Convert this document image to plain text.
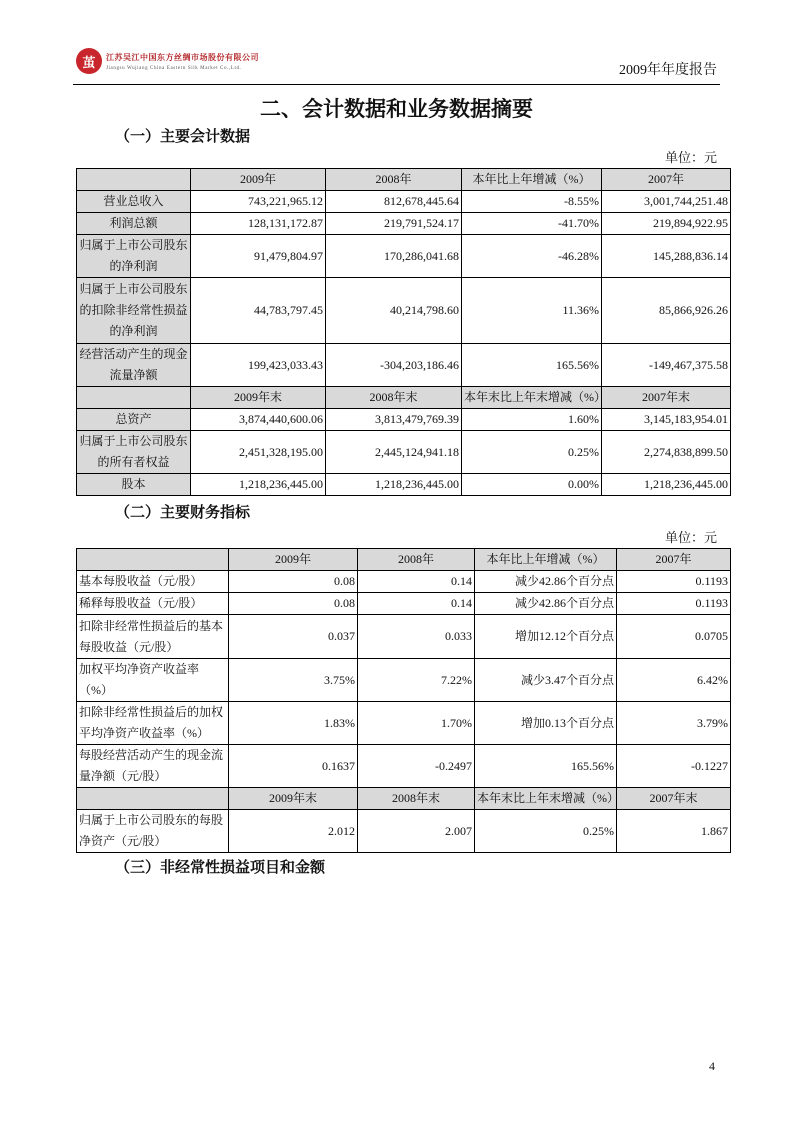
茧 江苏吴江中国东方丝绸市场股份有限公司
Jiangsu Wujiang China Eastern Silk Market Co.,Ltd.	2009年年度报告
二、会计数据和业务数据摘要
（一）主要会计数据
单位：元
	2009年	2008年	本年比上年增减（%）	2007年
营业总收入	743,221,965.12	812,678,445.64	-8.55%	3,001,744,251.48
利润总额	128,131,172.87	219,791,524.17	-41.70%	219,894,922.95
归属于上市公司股东的净利润	91,479,804.97	170,286,041.68	-46.28%	145,288,836.14
归属于上市公司股东的扣除非经常性损益的净利润	44,783,797.45	40,214,798.60	11.36%	85,866,926.26
经营活动产生的现金流量净额	199,423,033.43	-304,203,186.46	165.56%	-149,467,375.58
	2009年末	2008年末	本年末比上年末增减（%）	2007年末
总资产	3,874,440,600.06	3,813,479,769.39	1.60%	3,145,183,954.01
归属于上市公司股东的所有者权益	2,451,328,195.00	2,445,124,941.18	0.25%	2,274,838,899.50
股本	1,218,236,445.00	1,218,236,445.00	0.00%	1,218,236,445.00
（二）主要财务指标
单位：元
	2009年	2008年	本年比上年增减（%）	2007年
基本每股收益（元/股）	0.08	0.14	减少42.86个百分点	0.1193
稀释每股收益（元/股）	0.08	0.14	减少42.86个百分点	0.1193
扣除非经常性损益后的基本每股收益（元/股）	0.037	0.033	增加12.12个百分点	0.0705
加权平均净资产收益率（%）	3.75%	7.22%	减少3.47个百分点	6.42%
扣除非经常性损益后的加权平均净资产收益率（%）	1.83%	1.70%	增加0.13个百分点	3.79%
每股经营活动产生的现金流量净额（元/股）	0.1637	-0.2497	165.56%	-0.1227
	2009年末	2008年末	本年末比上年末增减（%）	2007年末
归属于上市公司股东的每股净资产（元/股）	2.012	2.007	0.25%	1.867
（三）非经常性损益项目和金额
4
